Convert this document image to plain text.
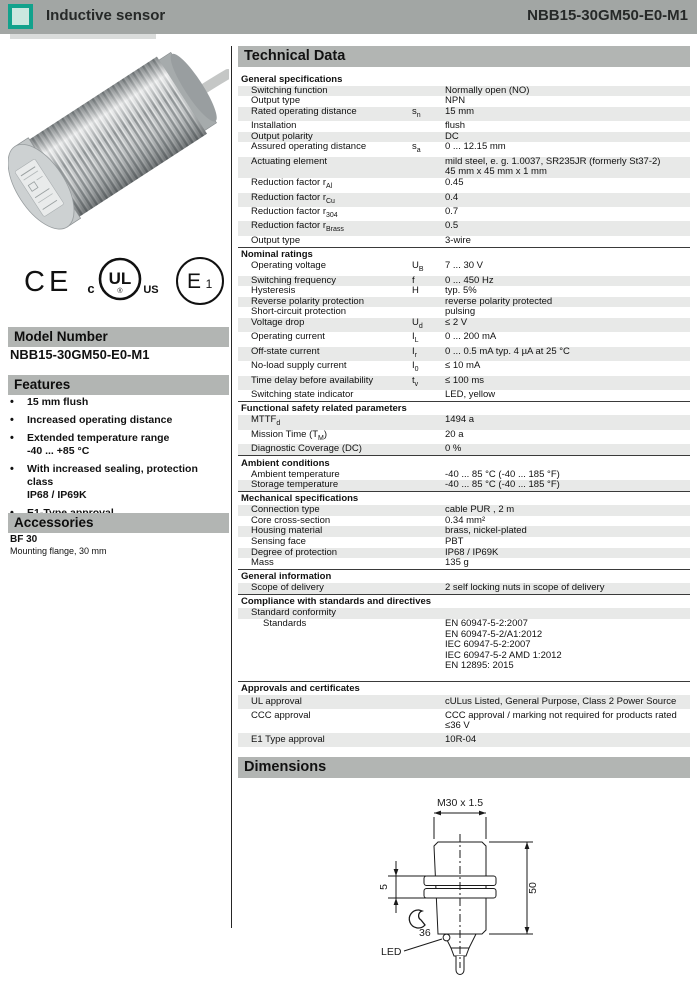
Inductive sensor	NBB15-30GM50-E0-M1
CE UL
®
c	US E 1
Model Number
NBB15-30GM50-E0-M1
Features
•	15 mm flush
•	Increased operating distance
•	Extended temperature range
-40 ... +85 °C
•	With increased sealing, protection
class
IP68 / IP69K
Accessories
BF 30
Mounting flange, 30 mm
Technical Data
General specifications
Switching function	Normally open (NO)
Output type	NPN
Rated operating distance	$s_n$	15 mm
Installation	flush
Output polarity	DC
Assured operating distance	$s_a$	0 ... 12.15 mm
Actuating element	mild steel, e. g. 1.0037, SR235JR (formerly St37-2)
45 mm x 45 mm x 1 mm
Reduction factor $r_{Al}$	0.45
Reduction factor $r_{Cu}$	0.4
Reduction factor $r_{304}$	0.7
Reduction factor $r_{Brass}$	0.5
Output type	3-wire
Nominal ratings
Operating voltage	$U_B$	7 ... 30 V
Switching frequency	f	0 ... 450 Hz
Hysteresis	H	typ. 5%
Reverse polarity protection	reverse polarity protected
Short-circuit protection	pulsing
Voltage drop	$U_d$	≤ 2 V
Operating current	$I_L$	0 ... 200 mA
Off-state current	$I_r$	0 ... 0.5 mA typ. 4 µA at 25 °C
No-load supply current	$I_0$	≤ 10 mA
Time delay before availability	$t_v$	≤ 100 ms
Switching state indicator	LED, yellow
Functional safety related parameters
$MTTF_d$	1494 a
Mission Time $(T_M)$	20 a
Diagnostic Coverage (DC)	0 %
Ambient conditions
Ambient temperature	-40 ... 85 °C (-40 ... 185 °F)
Storage temperature	-40 ... 85 °C (-40 ... 185 °F)
Mechanical specifications
Connection type	cable PUR , 2 m
Core cross-section	0.34 mm²
Housing material	brass, nickel-plated
Sensing face	PBT
Degree of protection	IP68 / IP69K
Mass	135 g
General information
Scope of delivery	2 self locking nuts in scope of delivery
Compliance with standards and directives
Standard conformity
Standards	EN 60947-5-2:2007
EN 60947-5-2/A1:2012
IEC 60947-5-2:2007
IEC 60947-5-2 AMD 1:2012
EN 12895: 2015
Approvals and certificates
UL approval	cULus Listed, General Purpose, Class 2 Power Source
CCC approval	CCC approval / marking not required for products rated ≤36 V
E1 Type approval	10R-04
Dimensions
M30 x 1.5
50
5
36
LED
